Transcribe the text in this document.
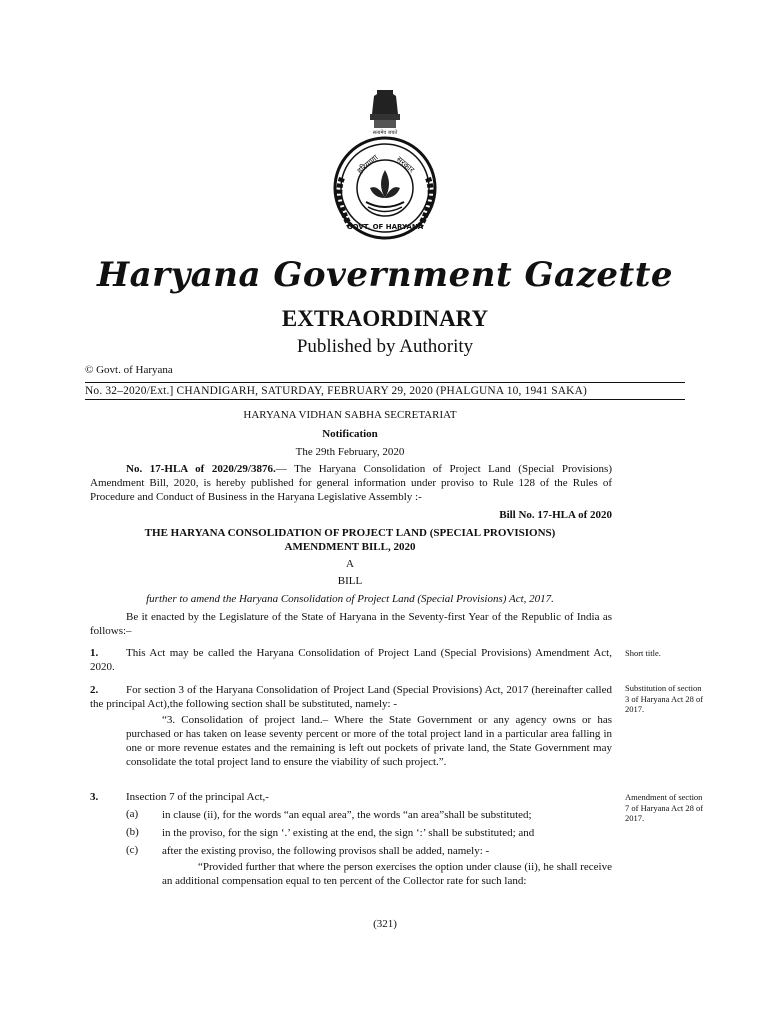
सत्यमेव जयते
हरियाणा सरकार
GOVT. OF HARYANA
Haryana Government Gazette
EXTRAORDINARY
Published by Authority
© Govt. of Haryana
No. 32–2020/Ext.] CHANDIGARH, SATURDAY, FEBRUARY 29, 2020 (PHALGUNA 10, 1941 SAKA)
HARYANA VIDHAN SABHA SECRETARIAT
Notification
The 29th February, 2020
No. 17-HLA of 2020/29/3876.— The Haryana Consolidation of Project Land (Special Provisions) Amendment Bill, 2020, is hereby published for general information under proviso to Rule 128 of the Rules of Procedure and Conduct of Business in the Haryana Legislative Assembly :-
Bill No. 17-HLA of 2020
THE HARYANA CONSOLIDATION OF PROJECT LAND (SPECIAL PROVISIONS)
AMENDMENT BILL, 2020
A
BILL
further to amend the Haryana Consolidation of Project Land (Special Provisions) Act, 2017.
Be it enacted by the Legislature of the State of Haryana in the Seventy-first Year of the Republic of India as follows:–
1.	This Act may be called the Haryana Consolidation of Project Land (Special Provisions) Amendment Act, 2020.
Short title.
2.	For section 3 of the Haryana Consolidation of Project Land (Special Provisions) Act, 2017 (hereinafter called the principal Act),the following section shall be substituted, namely: -
Substitution of section 3 of Haryana Act 28 of 2017.
“3. Consolidation of project land.– Where the State Government or any agency owns or has purchased or has taken on lease seventy percent or more of the total project land in a particular area falling in one or more revenue estates and the remaining is left out pockets of private land, the State Government may consolidate the total project land to ensure the viability of such project.”.
3.	Insection 7 of the principal Act,-	Amendment of section 7 of Haryana Act 28 of 2017.
(a) in clause (ii), for the words “an equal area”, the words “an area”shall be substituted;
(b) in the proviso, for the sign ‘.’ existing at the end, the sign ‘:’ shall be substituted; and
(c) after the existing proviso, the following provisos shall be added, namely: -
“Provided further that where the person exercises the option under clause (ii), he shall receive an additional compensation equal to ten percent of the Collector rate for such land:
(321)
